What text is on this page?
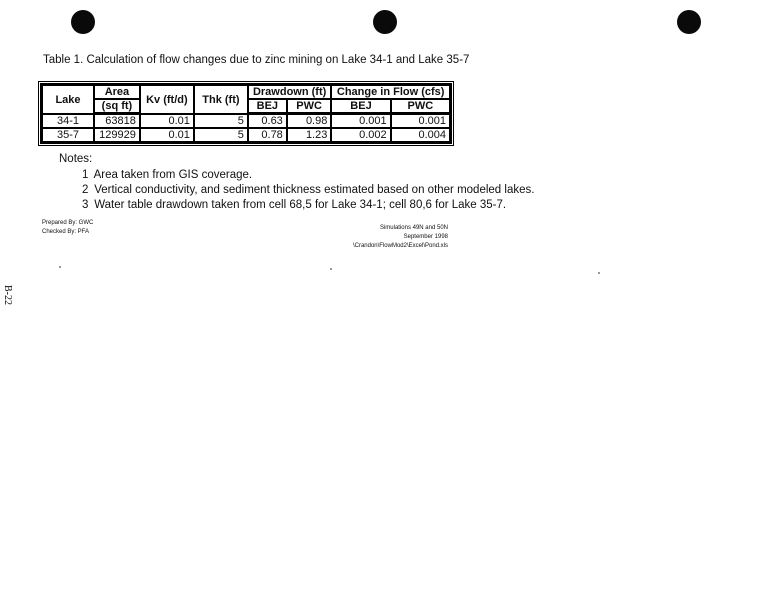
Table 1. Calculation of flow changes due to zinc mining on Lake 34-1 and Lake 35-7
Lake	Area	Kv (ft/d)	Thk (ft)	Drawdown (ft)		Change in Flow (cfs)	
	(sq ft)			BEJ	PWC	BEJ	PWC
34-1	63818	0.01	5	0.63	0.98	0.001	0.001
35-7	129929	0.01	5	0.78	1.23	0.002	0.004
Notes:
1 Area taken from GIS coverage.
2 Vertical conductivity, and sediment thickness estimated based on other modeled lakes.
3 Water table drawdown taken from cell 68,5 for Lake 34-1; cell 80,6 for Lake 35-7.
Prepared By: GWC
Checked By: PFA
Simulations 49N and 50N
September 1998
\Crandon\FlowMod2\Excel\Pond.xls
B-22
